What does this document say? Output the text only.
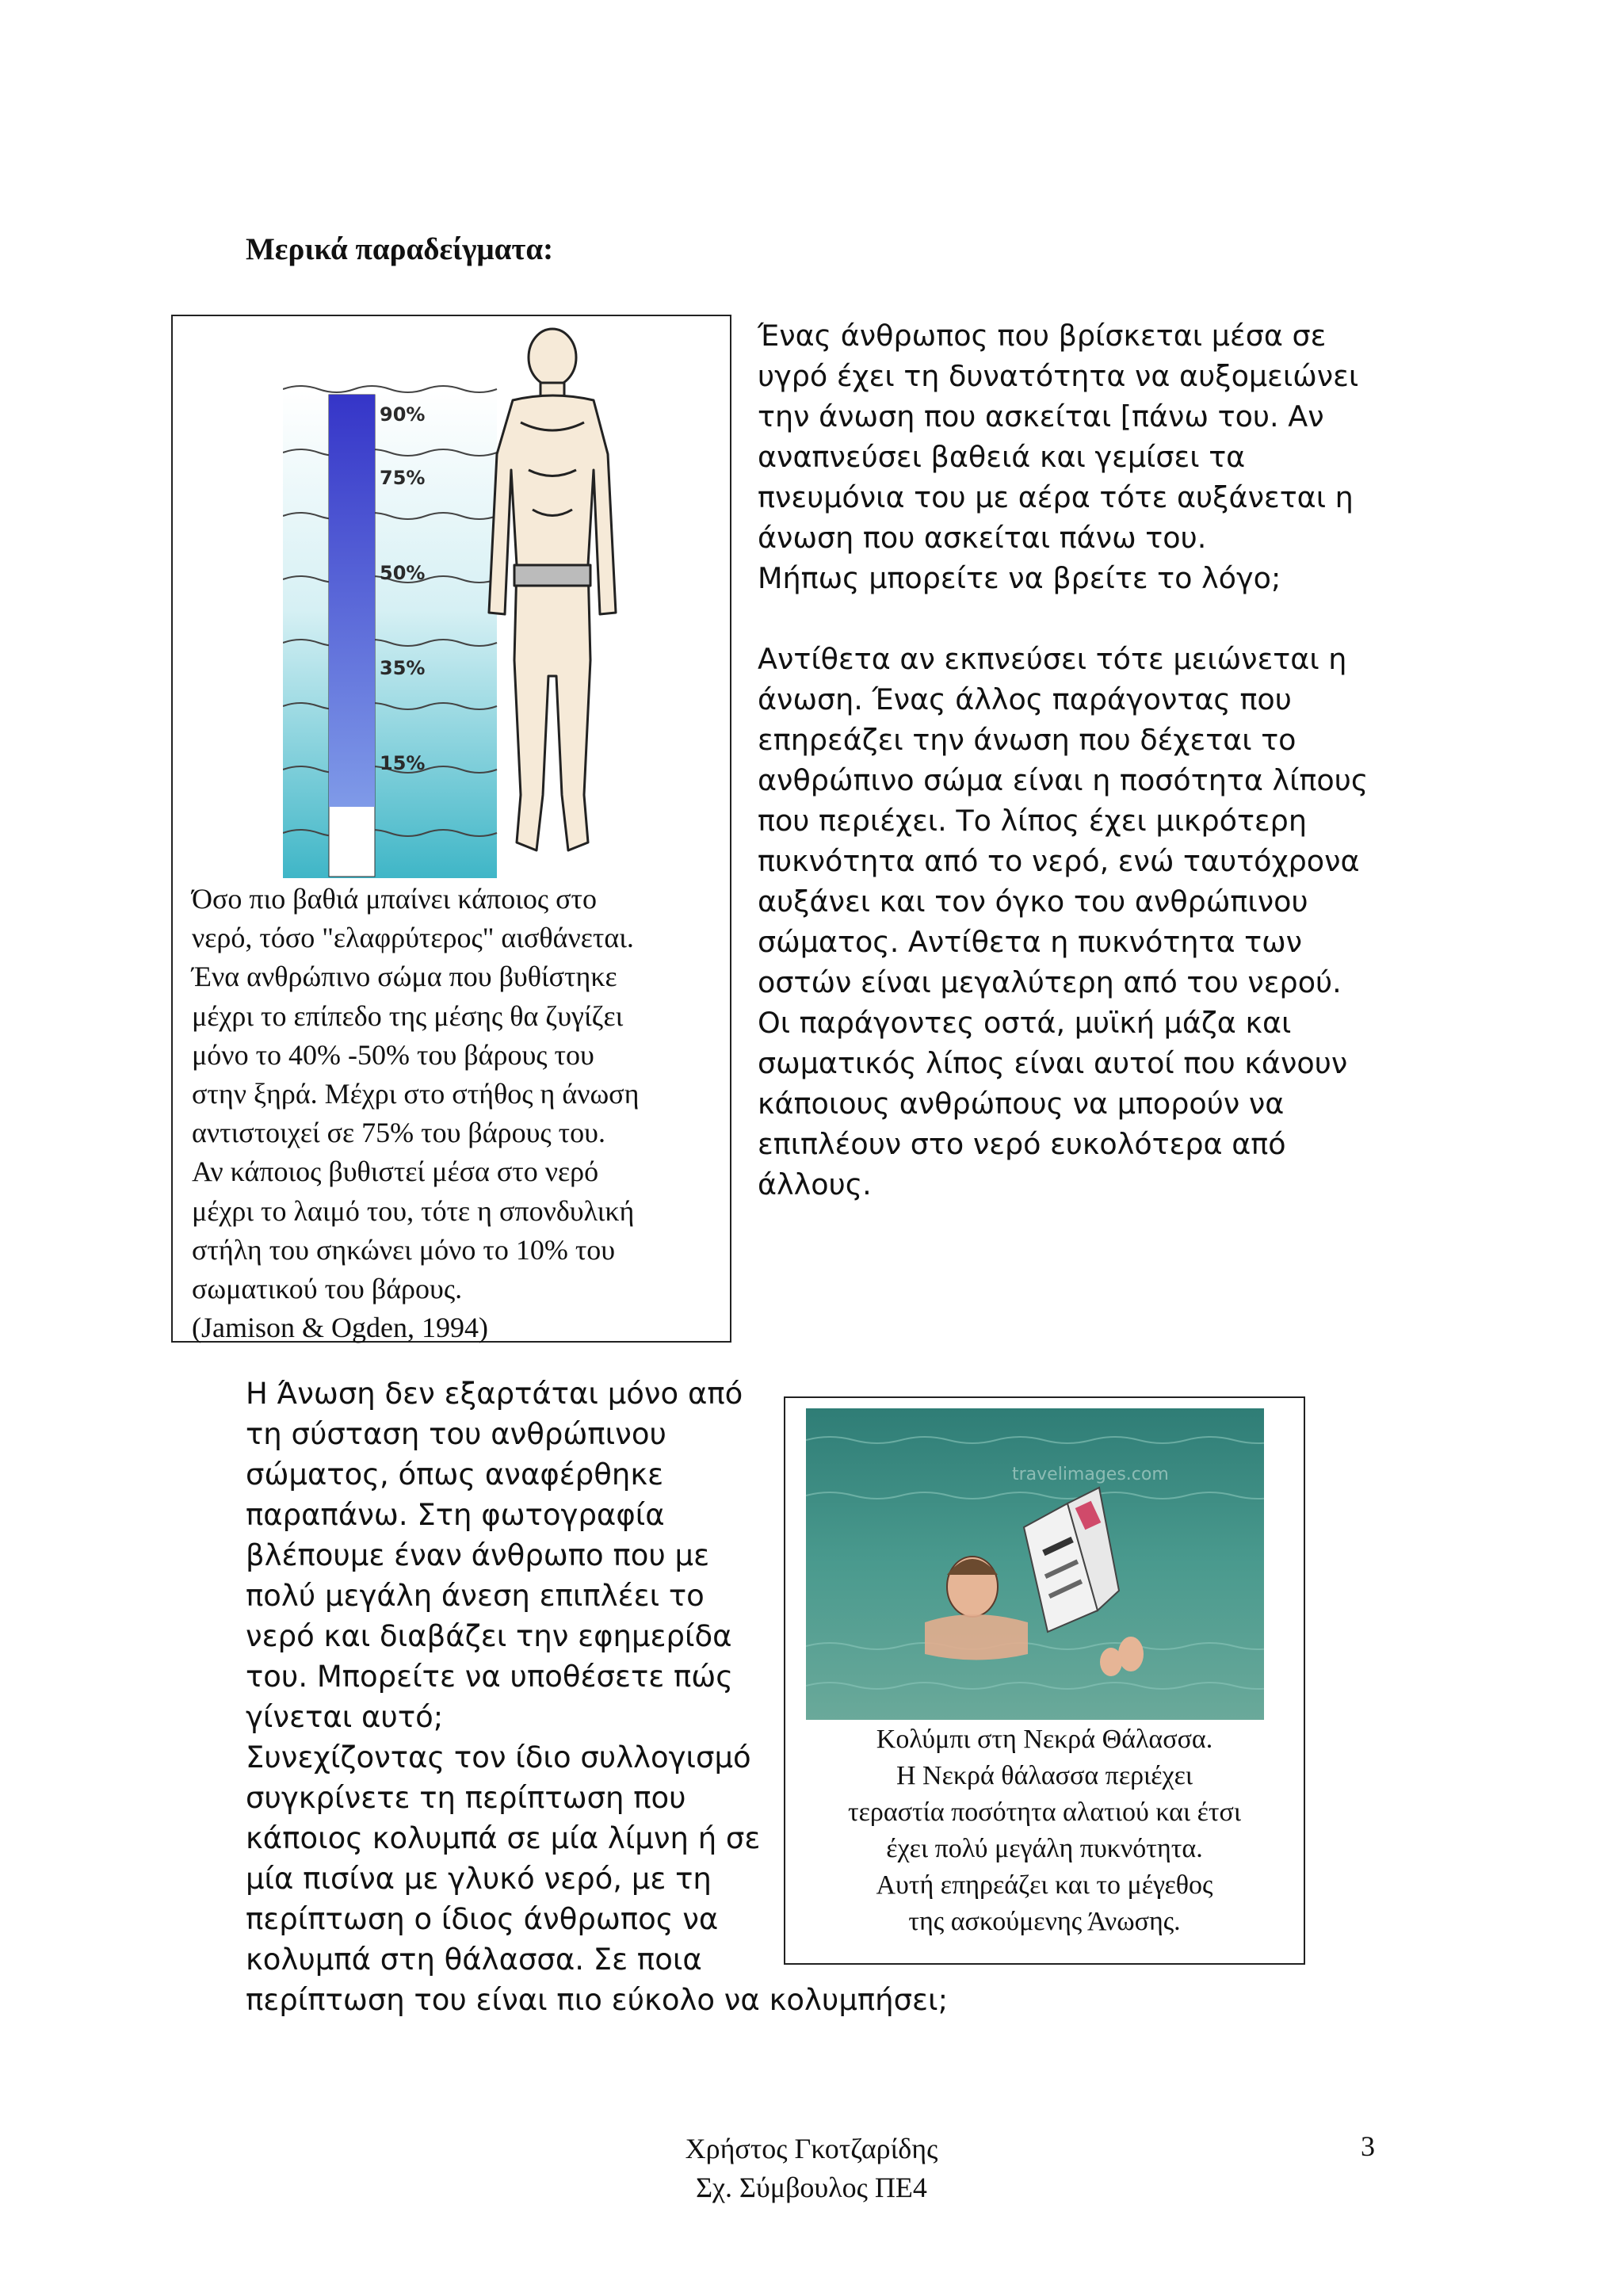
Μερικά παραδείγματα:
90%
75%
50%
35%
15%
Όσο πιο βαθιά μπαίνει κάποιος στο
νερό, τόσο "ελαφρύτερος" αισθάνεται.
Ένα ανθρώπινο σώμα που βυθίστηκε
μέχρι το επίπεδο της μέσης θα ζυγίζει
μόνο το 40% -50% του βάρους του
στην ξηρά. Μέχρι στο στήθος η άνωση
αντιστοιχεί σε 75% του βάρους του.
Αν κάποιος βυθιστεί μέσα στο νερό
μέχρι το λαιμό του, τότε η σπονδυλική
στήλη του σηκώνει μόνο το 10% του
σωματικού του βάρους.
(Jamison & Ogden, 1994)
Ένας άνθρωπος που βρίσκεται μέσα σε
υγρό έχει τη δυνατότητα να αυξομειώνει
την άνωση που ασκείται [πάνω του. Αν
αναπνεύσει βαθειά και γεμίσει τα
πνευμόνια του με αέρα τότε αυξάνεται η
άνωση που ασκείται πάνω του.
Μήπως μπορείτε να βρείτε το λόγο;
Αντίθετα αν εκπνεύσει τότε μειώνεται η
άνωση. Ένας άλλος παράγοντας που
επηρεάζει την άνωση που δέχεται το
ανθρώπινο σώμα είναι η ποσότητα λίπους
που περιέχει. Το λίπος έχει μικρότερη
πυκνότητα από το νερό, ενώ ταυτόχρονα
αυξάνει και τον όγκο του ανθρώπινου
σώματος. Αντίθετα η πυκνότητα των
οστών είναι μεγαλύτερη από του νερού.
Οι παράγοντες οστά, μυϊκή μάζα και
σωματικός λίπος είναι αυτοί που κάνουν
κάποιους ανθρώπους να μπορούν να
επιπλέουν στο νερό ευκολότερα από
άλλους.
Η Άνωση δεν εξαρτάται μόνο από
τη σύσταση του ανθρώπινου
σώματος, όπως αναφέρθηκε
παραπάνω. Στη φωτογραφία
βλέπουμε έναν άνθρωπο που με
πολύ μεγάλη άνεση επιπλέει το
νερό και διαβάζει την εφημερίδα
του. Μπορείτε να υποθέσετε πώς
γίνεται αυτό;
Συνεχίζοντας τον ίδιο συλλογισμό
συγκρίνετε τη περίπτωση που
κάποιος κολυμπά σε μία λίμνη ή σε
μία πισίνα με γλυκό νερό, με τη
περίπτωση ο ίδιος άνθρωπος να
κολυμπά στη θάλασσα. Σε ποια
περίπτωση του είναι πιο εύκολο να κολυμπήσει;
travelimages.com
Κολύμπι στη Νεκρά Θάλασσα.
Η Νεκρά θάλασσα περιέχει
τεραστία ποσότητα αλατιού και έτσι
έχει πολύ μεγάλη πυκνότητα.
Αυτή επηρεάζει και το μέγεθος
της ασκούμενης Άνωσης.
Χρήστος Γκοτζαρίδης
Σχ. Σύμβουλος ΠΕ4
3
